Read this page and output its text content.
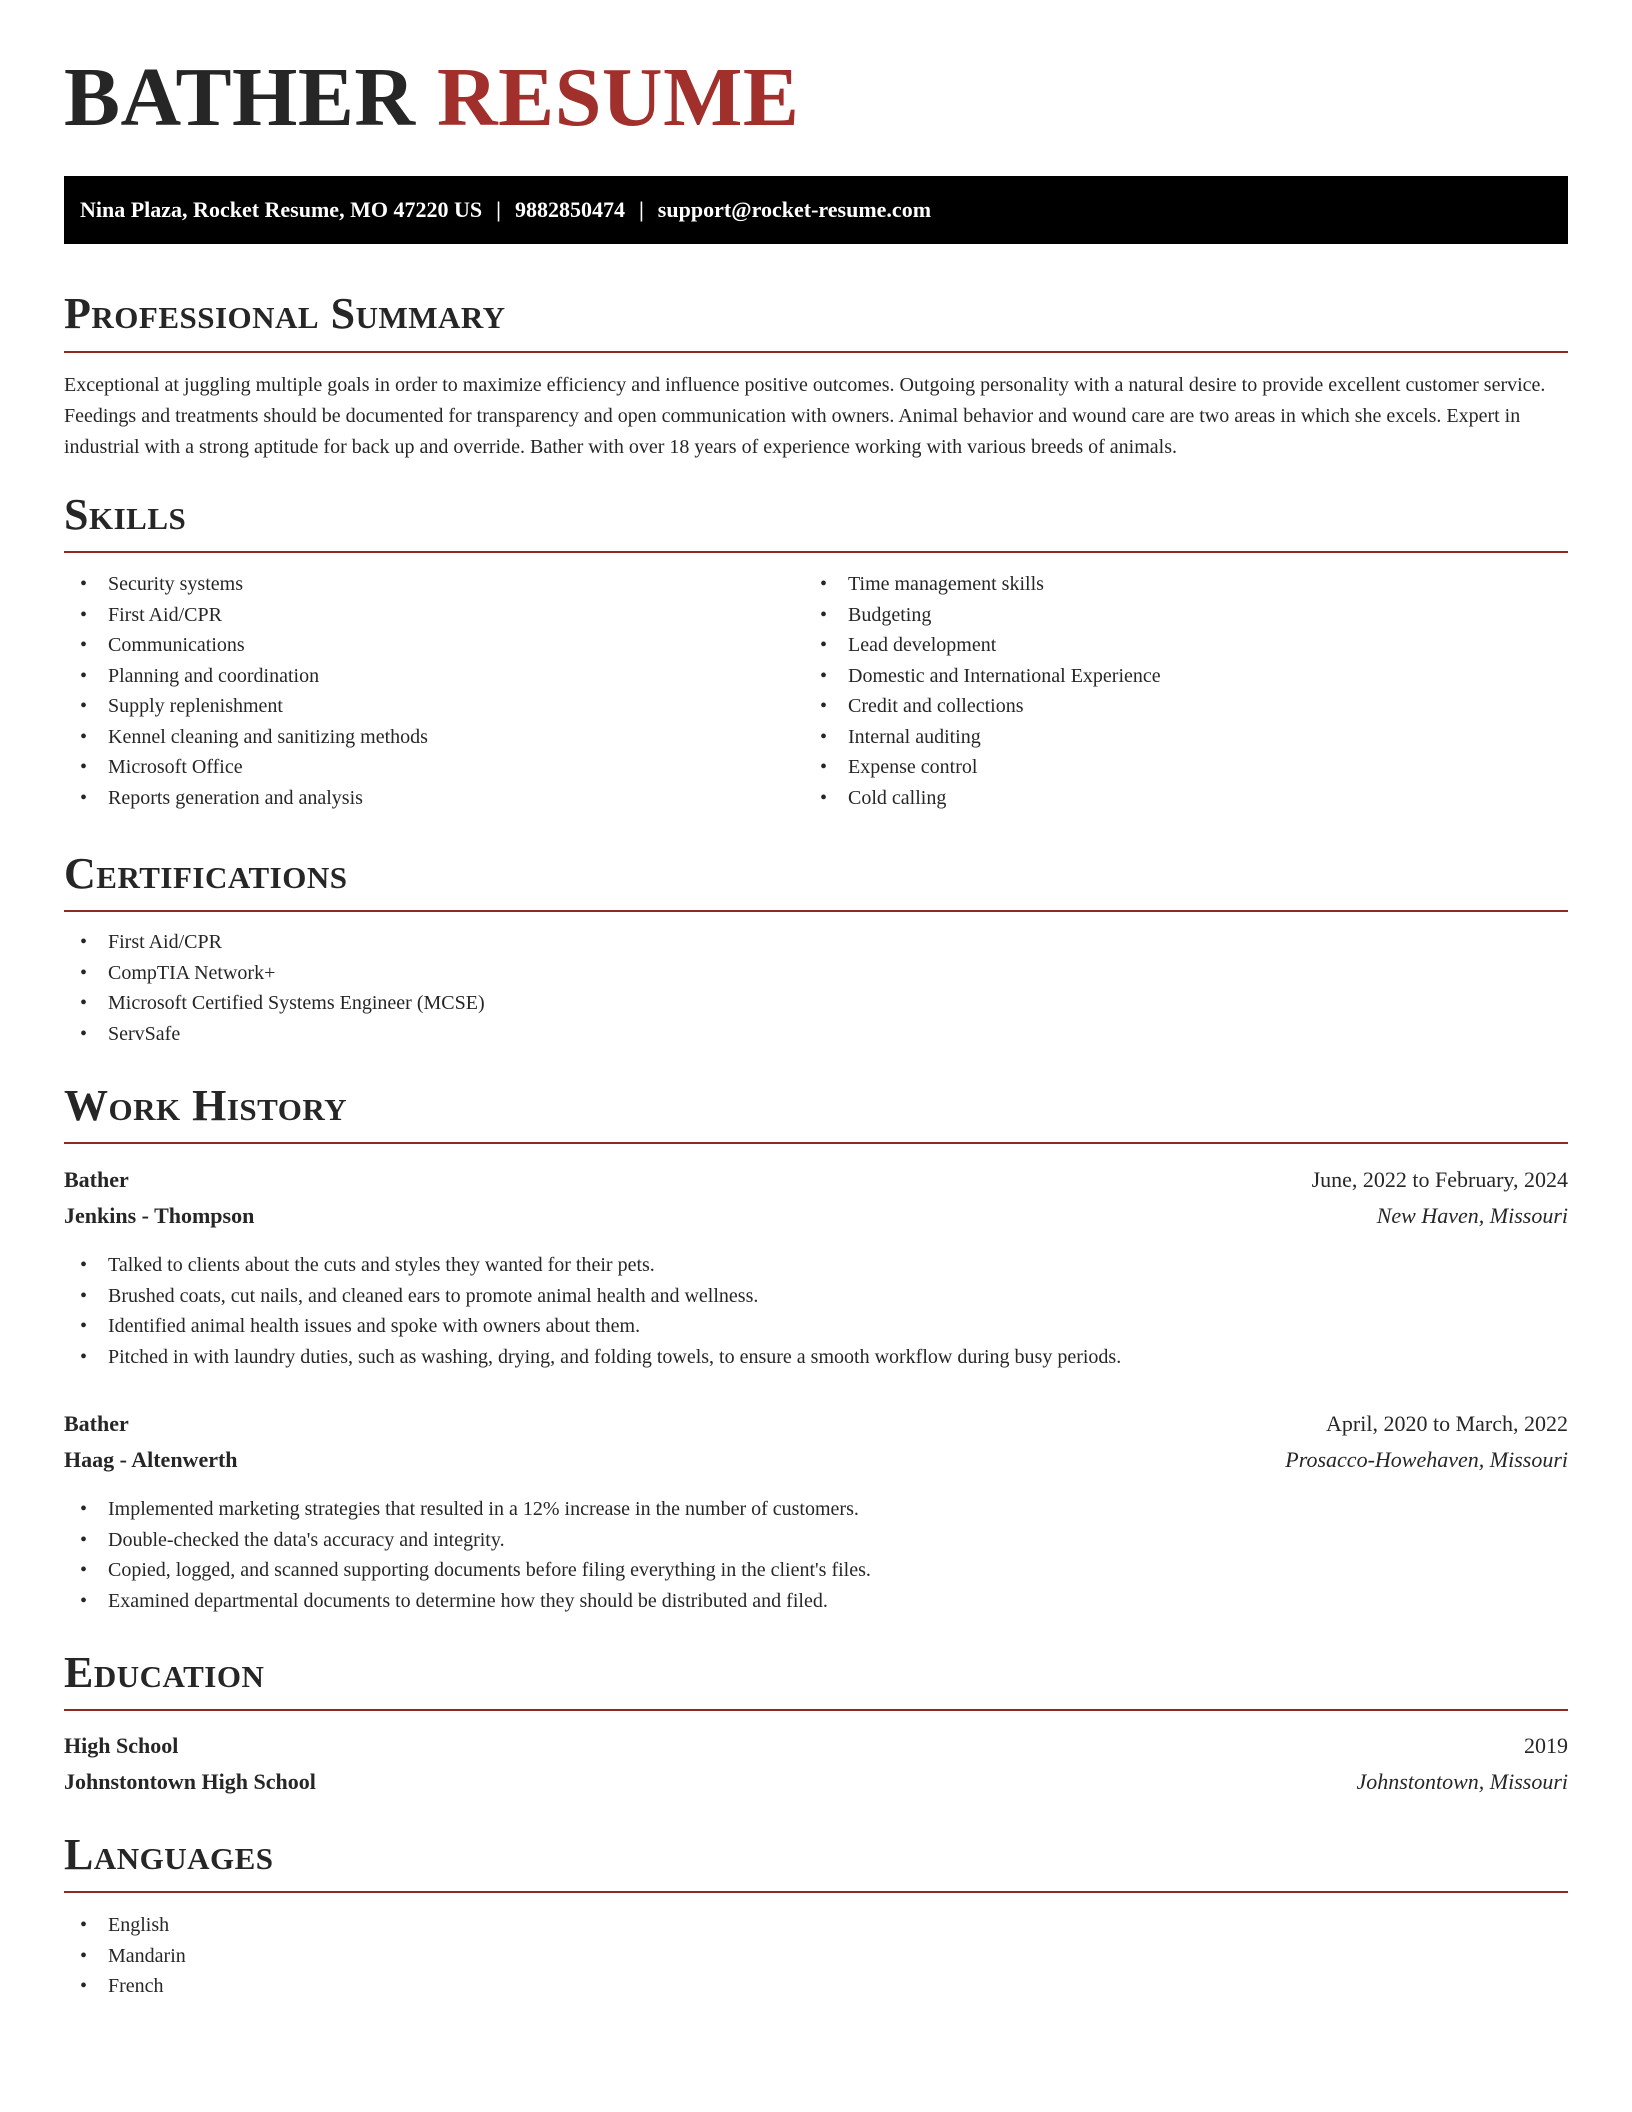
BATHER RESUME
Nina Plaza, Rocket Resume, MO 47220 US | 9882850474 | support@rocket-resume.com
Professional Summary

Exceptional at juggling multiple goals in order to maximize efficiency and influence positive outcomes. Outgoing personality with a natural desire to provide excellent customer service. Feedings and treatments should be documented for transparency and open communication with owners. Animal behavior and wound care are two areas in which she excels. Expert in industrial with a strong aptitude for back up and override. Bather with over 18 years of experience working with various breeds of animals.

Skills
• Security systems
• First Aid/CPR
• Communications
• Planning and coordination
• Supply replenishment
• Kennel cleaning and sanitizing methods
• Microsoft Office
• Reports generation and analysis
• Time management skills
• Budgeting
• Lead development
• Domestic and International Experience
• Credit and collections
• Internal auditing
• Expense control
• Cold calling
Certifications
• First Aid/CPR
• CompTIA Network+
• Microsoft Certified Systems Engineer (MCSE)
• ServSafe
Work History
Bather	June, 2022 to February, 2024
Jenkins - Thompson	New Haven, Missouri
• Talked to clients about the cuts and styles they wanted for their pets.
• Brushed coats, cut nails, and cleaned ears to promote animal health and wellness.
• Identified animal health issues and spoke with owners about them.
• Pitched in with laundry duties, such as washing, drying, and folding towels, to ensure a smooth workflow during busy periods.
Bather	April, 2020 to March, 2022
Haag - Altenwerth	Prosacco-Howehaven, Missouri
• Implemented marketing strategies that resulted in a 12% increase in the number of customers.
• Double-checked the data's accuracy and integrity.
• Copied, logged, and scanned supporting documents before filing everything in the client's files.
• Examined departmental documents to determine how they should be distributed and filed.
Education
High School	2019
Johnstontown High School	Johnstontown, Missouri
Languages
• English
• Mandarin
• French
